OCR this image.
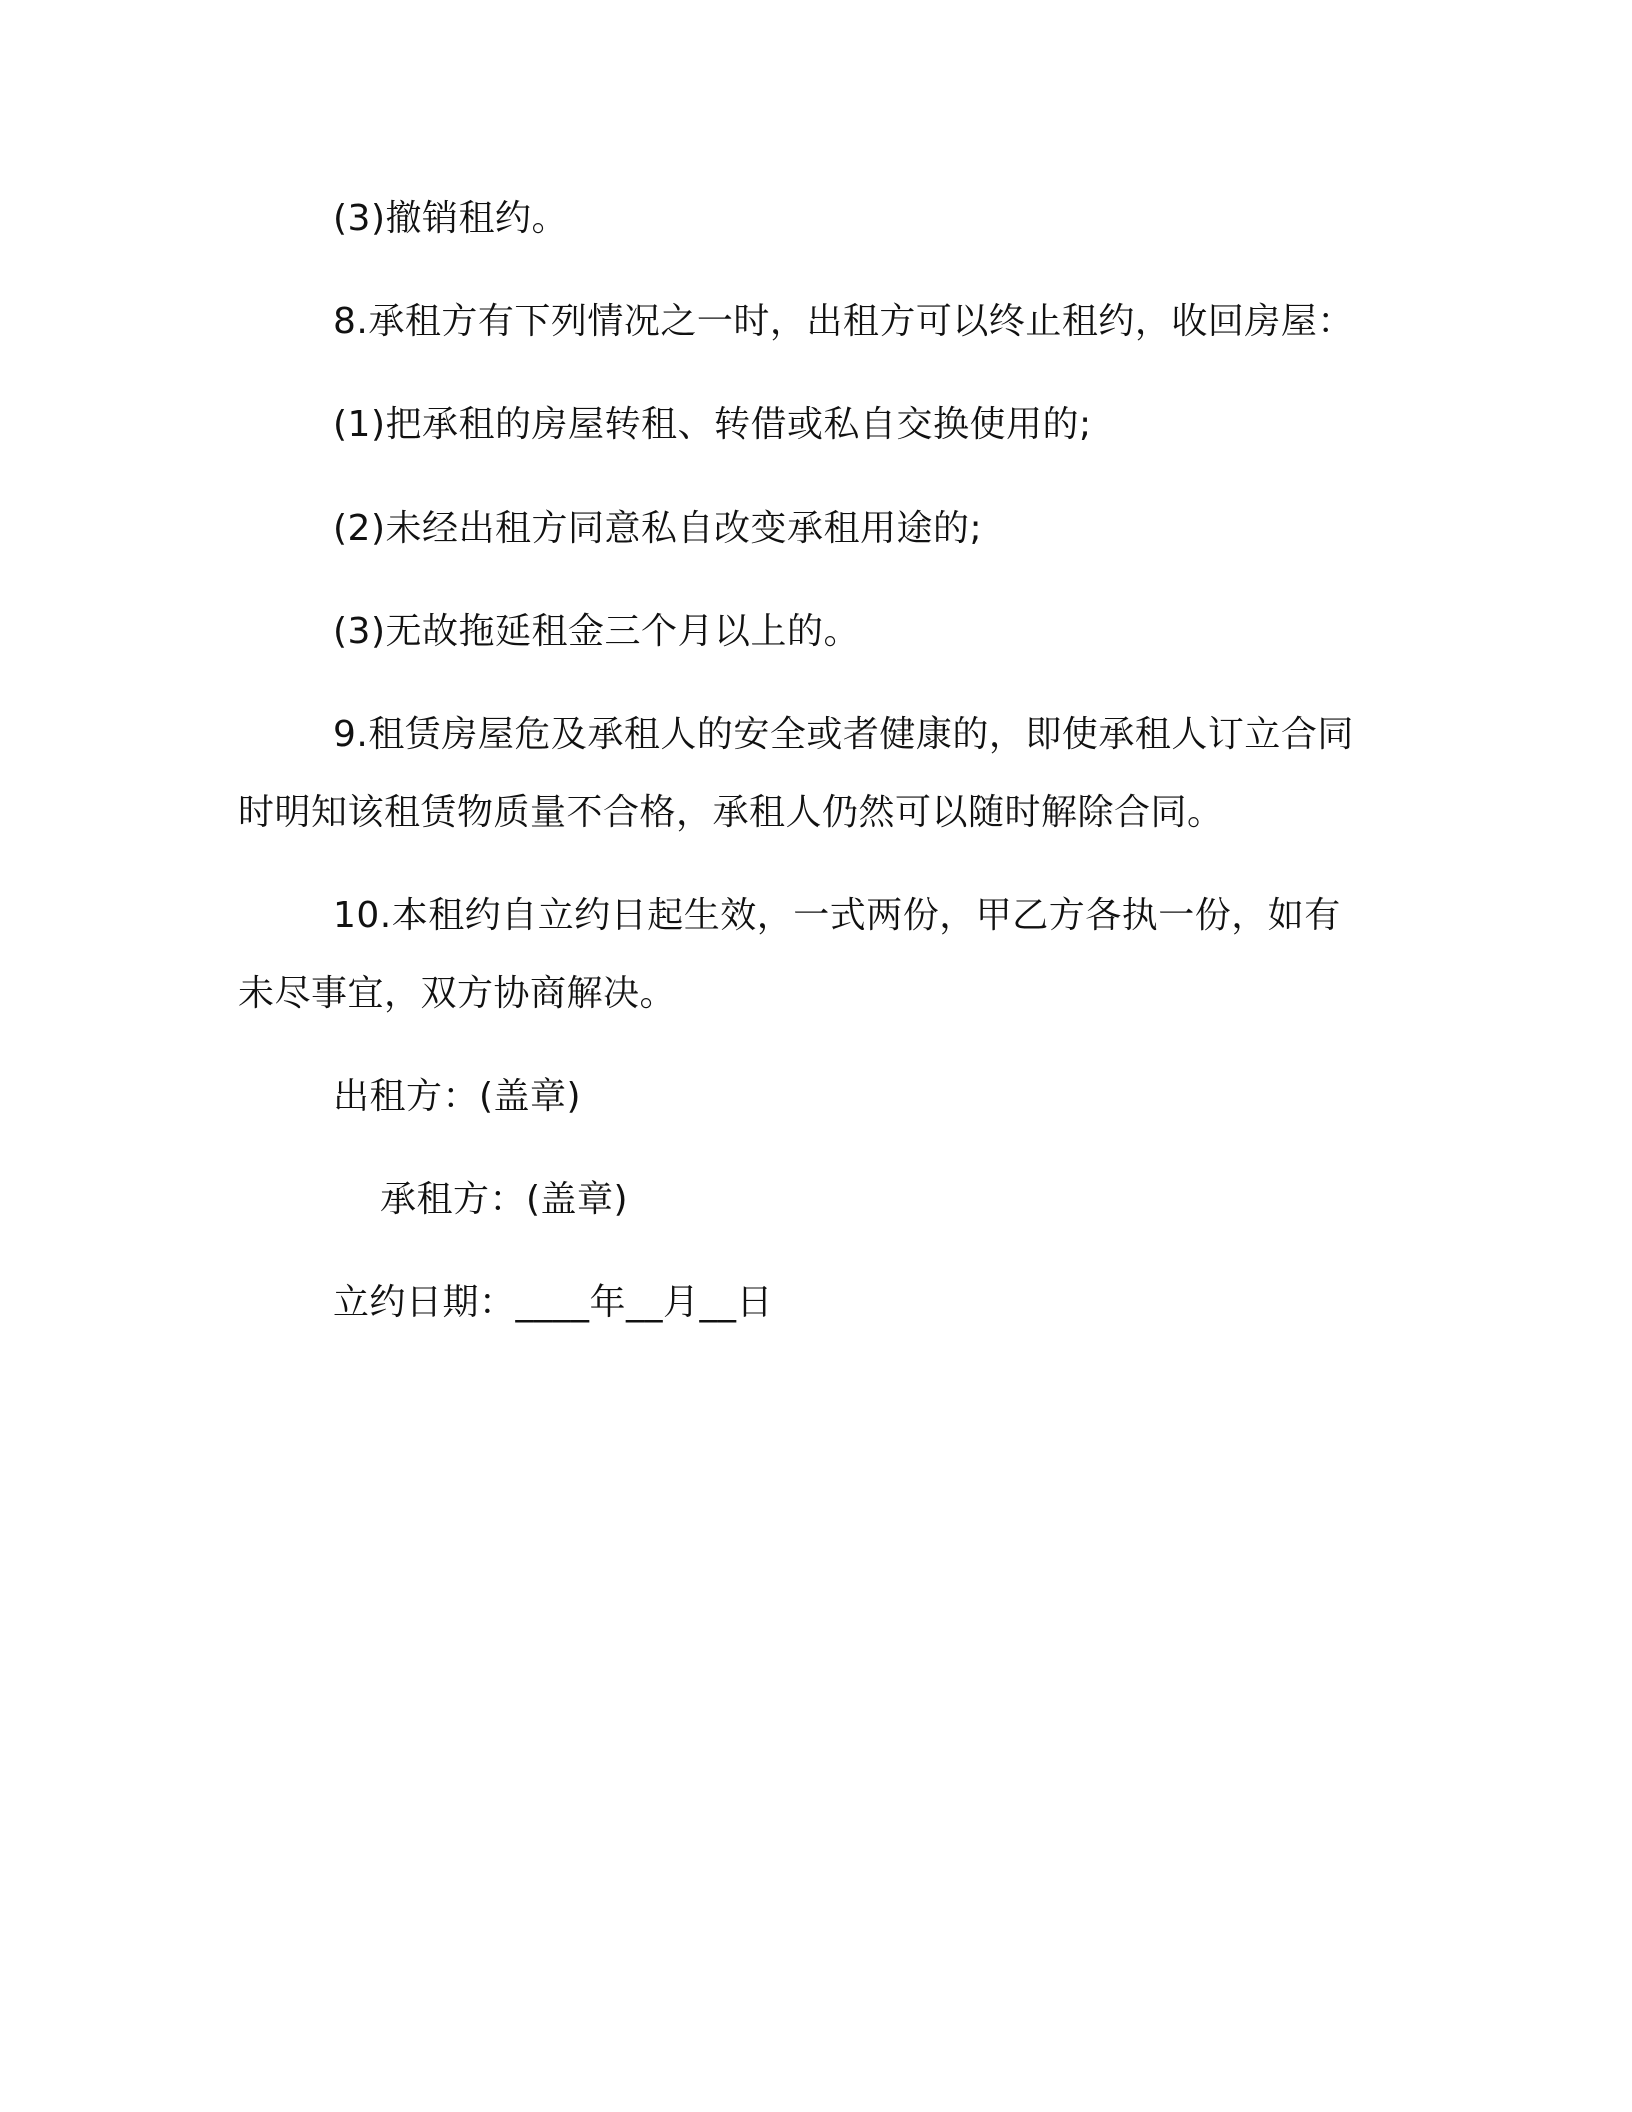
(3)撤销租约。
8.承租方有下列情况之一时，出租方可以终止租约，收回房屋：
(1)把承租的房屋转租、转借或私自交换使用的;
(2)未经出租方同意私自改变承租用途的;
(3)无故拖延租金三个月以上的。
9.租赁房屋危及承租人的安全或者健康的，即使承租人订立合同
时明知该租赁物质量不合格，承租人仍然可以随时解除合同。
10.本租约自立约日起生效，一式两份，甲乙方各执一份，如有
未尽事宜，双方协商解决。
出租方：(盖章)
承租方：(盖章)
立约日期：____年__月__日
